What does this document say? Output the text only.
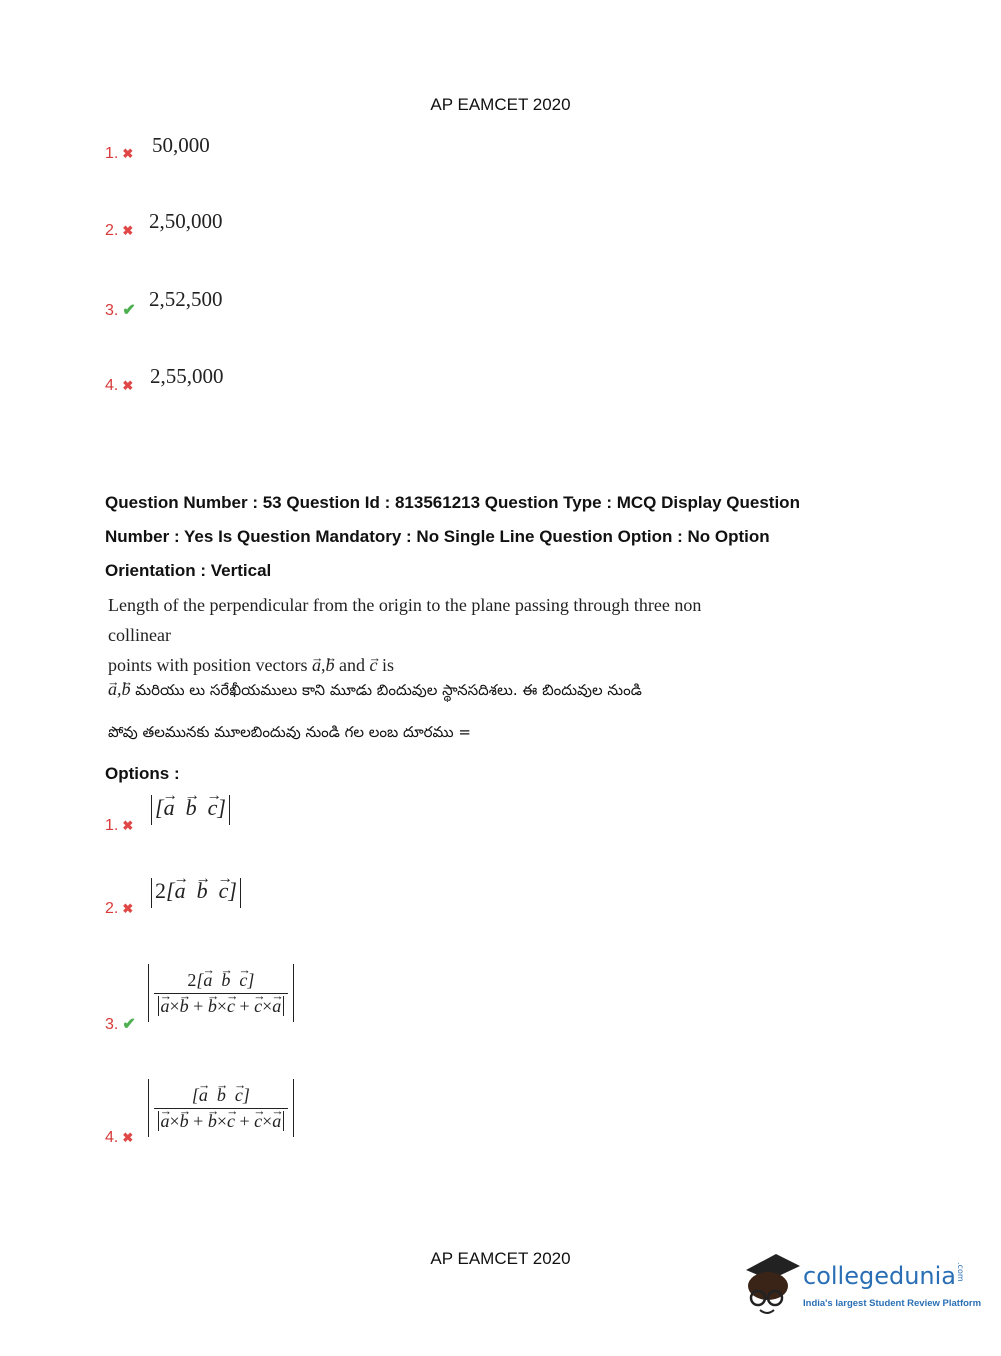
AP EAMCET 2020
1. ✖ 50,000
2. ✖ 2,50,000
3. ✔ 2,52,500
4. ✖ 2,55,000
Question Number : 53 Question Id : 813561213 Question Type : MCQ Display Question
Number : Yes Is Question Mandatory : No Single Line Question Option : No Option
Orientation : Vertical
Length of the perpendicular from the origin to the plane passing through three non collinear
points with position vectors → a,→ b and → c is
→ a,→ b మరియు లు సరేఖీయములు కాని మూడు బిందువుల స్థానసదిశలు. ఈ బిందువుల నుండి
పోవు తలమునకు మూలబిందువు నుండి గల లంబ దూరము =
Options :
1. ✖
[→ a → b → c]
2. ✖
2[→ a → b → c]
3. ✔

2[→ a → b → c]
→ a×→ b + → b×→ c + → c×→ a

4. ✖

[→ a → b → c]
→ a×→ b + → b×→ c + → c×→ a

AP EAMCET 2020
collegedunia.com
India's largest Student Review Platform
